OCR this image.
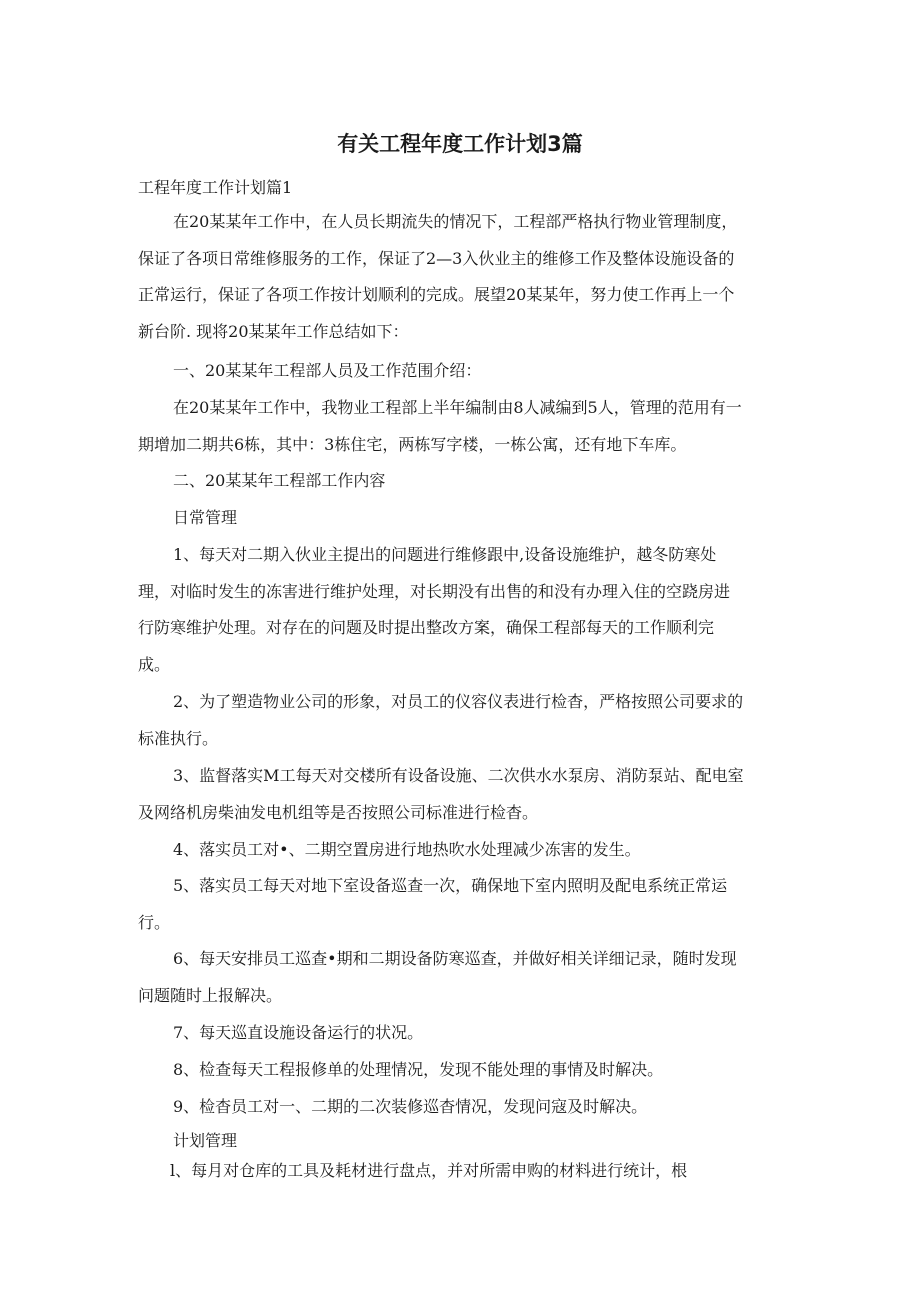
有关工程年度工作计划3篇
工程年度工作计划篇1
在20某某年工作中，在人员长期流失的情况下，工程部严格执行物业管理制度，
保证了各项日常维修服务的工作，保证了2—3入伙业主的维修工作及整体设施设备的
正常运行，保证了各项工作按计划顺利的完成。展望20某某年，努力使工作再上一个
新台阶. 现将20某某年工作总结如下：
一、20某某年工程部人员及工作范围介绍：
在20某某年工作中，我物业工程部上半年编制由8人减编到5人，管理的范用有一
期增加二期共6栋，其中：3栋住宅，两栋写字楼，一栋公寓，还有地下车库。
二、20某某年工程部工作内容
日常管理
1、每天对二期入伙业主提出的问题进行维修跟中,设备设施维护，越冬防寒处
理，对临时发生的冻害进行维护处理，对长期没有出售的和没有办理入住的空跷房进
行防寒维护处理。对存在的问题及时提出整改方案，确保工程部每天的工作顺利完
成。
2、为了塑造物业公司的形象，对员工的仪容仪表进行检杳，严格按照公司要求的
标准执行。
3、监督落实M工每天对交楼所有设备设施、二次供水水泵房、消防泵站、配电室
及网络机房柴油发电机组等是否按照公司标准进行检杳。
4、落实员工对•、二期空置房进行地热吹水处理减少冻害的发生。
5、落实员工每天对地下室设备巡查一次，确保地下室内照明及配电系统正常运
行。
6、每天安排员工巡查•期和二期设备防寒巡查，并做好相关详细记录，随时发现
问题随时上报解决。
7、每天巡直设施设备运行的状况。
8、检查每天工程报修单的处理情况，发现不能处理的事情及时解决。
9、检杳员工对一、二期的二次装修巡杳情况，发现问寇及时解决。
计划管理
l、每月对仓库的工具及耗材进行盘点，并对所需申购的材料进行统计，根
